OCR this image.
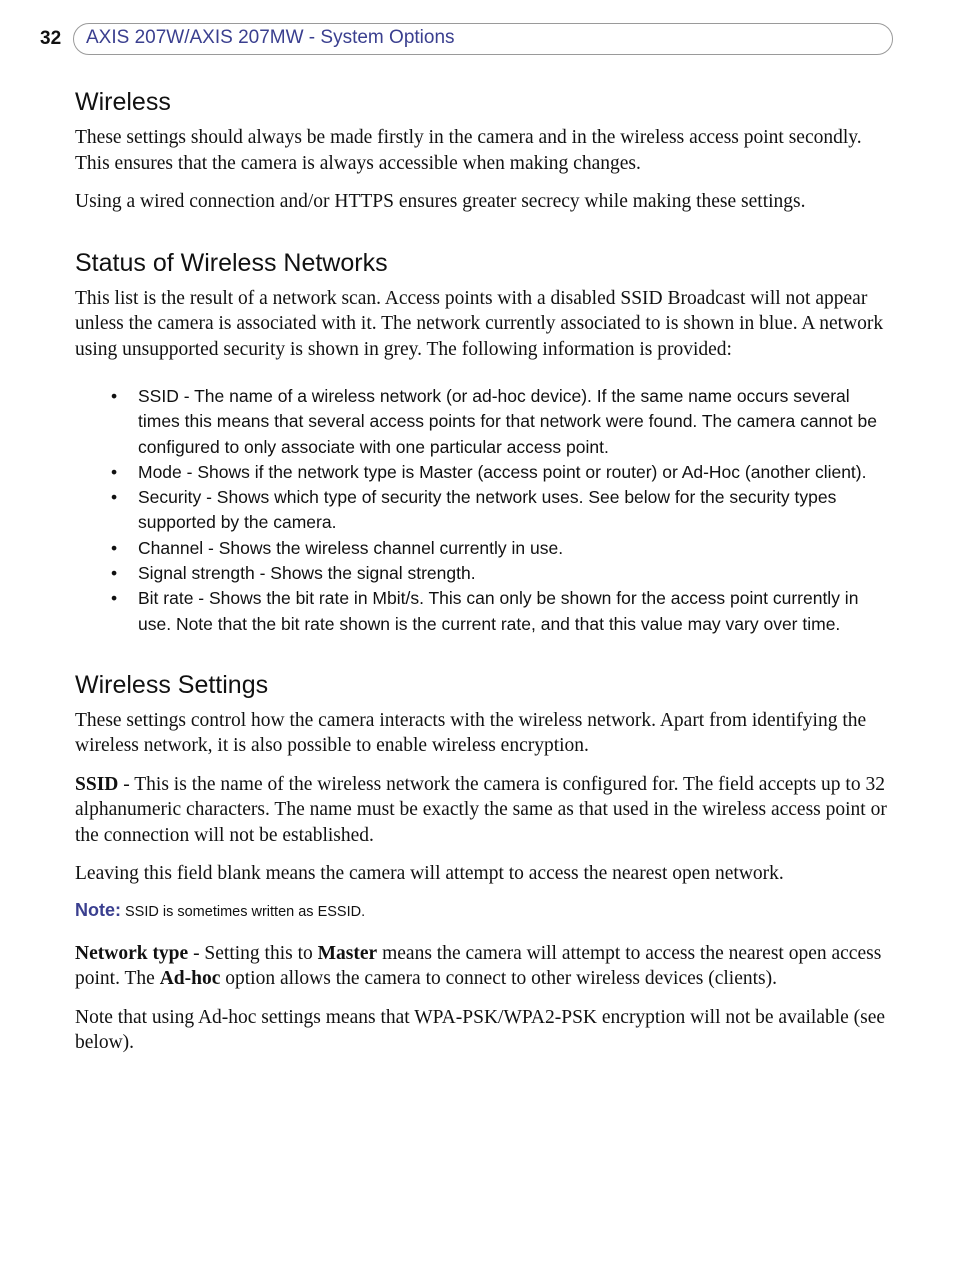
32 AXIS 207W/AXIS 207MW - System Options
Wireless

These settings should always be made firstly in the camera and in the wireless access point secondly. This ensures that the camera is always accessible when making changes.

Using a wired connection and/or HTTPS ensures greater secrecy while making these settings.

Status of Wireless Networks

This list is the result of a network scan. Access points with a disabled SSID Broadcast will not appear unless the camera is associated with it. The network currently associated to is shown in blue. A network using unsupported security is shown in grey. The following information is provided:

• SSID - The name of a wireless network (or ad-hoc device). If the same name occurs several times this means that several access points for that network were found. The camera cannot be configured to only associate with one particular access point.
• Mode - Shows if the network type is Master (access point or router) or Ad-Hoc (another client).
• Security - Shows which type of security the network uses. See below for the security types supported by the camera.
• Channel - Shows the wireless channel currently in use.
• Signal strength - Shows the signal strength.
• Bit rate - Shows the bit rate in Mbit/s. This can only be shown for the access point currently in use. Note that the bit rate shown is the current rate, and that this value may vary over time.
Wireless Settings

These settings control how the camera interacts with the wireless network. Apart from identifying the wireless network, it is also possible to enable wireless encryption.

SSID - This is the name of the wireless network the camera is configured for. The field accepts up to 32 alphanumeric characters. The name must be exactly the same as that used in the wireless access point or the connection will not be established.

Leaving this field blank means the camera will attempt to access the nearest open network.

Note: SSID is sometimes written as ESSID.

Network type - Setting this to Master means the camera will attempt to access the nearest open access point. The Ad-hoc option allows the camera to connect to other wireless devices (clients).

Note that using Ad-hoc settings means that WPA-PSK/WPA2-PSK encryption will not be available (see below).
